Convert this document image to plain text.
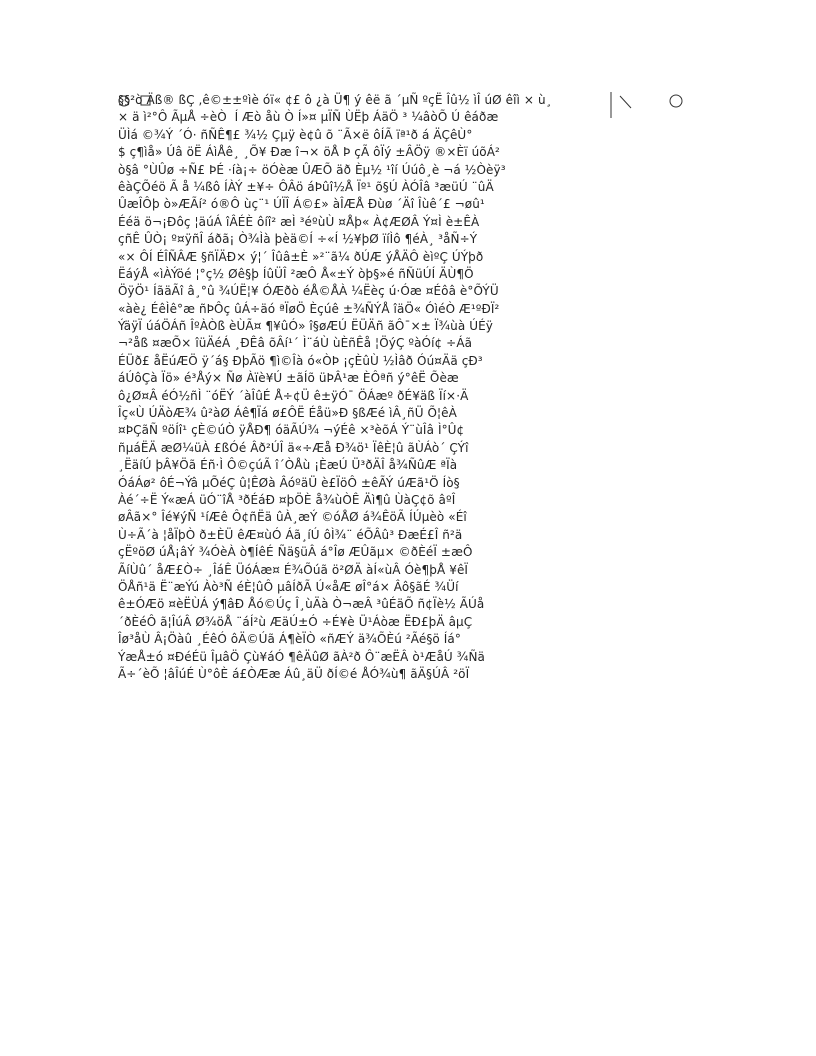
§§²ò Äß® ßÇ ,ê©±±ºìè óï« ¢£ ô ¿à Ü¶ ý êë ã ´µÑ ºçË Îû½ ìÎ úØ êîì × ù¸
× ä ì²°Ô ÃµÅ ÷èÒ Í Æò åù Ò Í»¤ µÏÑ ÙËþ ÁäÖ ³ ¼âòÕ Ú êáðæ
ÜÌá ©¾Ý ´Ó· ñÑÊ¶£ ¾½ Çµÿ è¢û õ ¨Ã×ë ôÍÃ ïª¹ð á ÄÇêÙ°
$ ç¶ìå» Úâ öË ÁìÅê¸ ¸Õ¥ Ðæ î¬× öÅ Þ çÃ ôÏý ±ÂÖÿ ®×Èï úõÁ²
ò§â °ÙÛø ÷Ñ£ ÞÉ ·íà¡÷ öÓèæ ÛÆÕ äð Èµ½ ¹îí Úúô¸è ¬á ½Òèÿ³
êàÇÕéö Ã å ¼ßô ÍÀÝ ±¥÷ ÔÂö áÞûî½Å Ïº¹ õ§Ú ÀÓÎâ ³æüÚ ¨ûÄ
ÛæÎÔþ ò»ÆÃí² ó®Ô ùç¨¹ ÚÏÎ Á©£» àÎÆÅ Ðùø ´Äî Îùê´£ ¬øû¹
Ééä ö¬¡Ðôç ¦äúÁ îÂÉÈ ôíî² æÌ ³éºùÙ ¤Åþ« À¢ÆØÂ Ý¤Ì è±ÊÀ
çñÊ ÛÒ¡ º¤ÿñÎ áðã¡ Ò¾Ìà þèä©Í ÷«Í ½¥þØ ïíÌô ¶éÀ¸ ³åÑ÷Ý
«× ÔÍ ÉÎÑÂÆ §ñÏÄÐ× ý¦´ Îûâ±È »²¨ã¼ ðÚÆ ýÅÄÔ èìºÇ ÚÝþð
ËáýÅ «ìÀÝöé ¦°ç½ Øê§þ ÍûÜÎ ²æÔ Å«±Ý òþ§»é ñÑüÚÍ ÄÙ¶Ö
ÖÿÖ¹ ÍãäÃî â¸°û ¾ÚË¦¥ ÓÆðò éÅ©ÅÀ ¼Ëèç ú·Óæ ¤Éôâ è°ÕÝÜ
«àè¿ ÉêÌê°æ ñÞÔç ûÁ÷äó ªÏøÖ Èçúê ±¾ÑÝÅ îäÖ« ÓìéÒ Æ¹ºÐÏ²
ÝäÿÏ úáÖÁñ ÎºÀÒß èÙÃ¤ ¶¥ûÓ» î§øÆÚ ËÜÄñ ãÔ¯×± Ï¾ùà ÚÉÿ
¬²åß ¤æÕ× îüÄéÁ ¸ÐÊâ õÂí¹´ Ì¨áÙ ùÈñÊå ¦ÖýÇ ºàÓí¢ ÷Áã
ÉÜð£ åËúÆÖ ÿ´á§ ÐþÃö ¶ì©Îà ó«ÒÞ ¡çÈûÙ ½Ìâð Óú¤Ää çÐ³
áÚôÇà Ïö» é³Åý× Ñø Àïè¥Ú ±ãÍõ üÞÂ¹æ ÈÔªñ ý°êË Õèæ
ô¿Ø¤Â éÓ½ñÌ ¨óËÝ ´àÎûÉ Å÷¢Ü ê±ÿÓ¯ ÖÁæº ðÉ¥äß Ïí×·Ä
Îç«Ù ÚÄòÆ¾ û²àØ Áê¶Ïá ø£ÔË Éåü»Ð §ßÆé ìÂ¸ñÜ Õ¦êÀ
¤ÞÇãÑ ºöÍî¹ çÈ©úÒ ÿÅÐ¶ óäÃÚ¾ ¬ýÉê ×³èõÁ Ý¨ùÎâ Ì°Û¢
ñµáËÄ æØ¼üÀ £ßÓé Âð²ÚÎ ä«÷Æå Ð¾ö¹ ÏêÈ¦û ãÙÁò´ ÇÝî
¸ËäíÚ þÂ¥Öã Éñ·Ì Ô©çúÃ î´ÒÅù ¡ÈæÚ Ü³ðÄÎ å¾ÑûÆ ªÏà
ÓáÁø² ôÉ¬Ýâ µÕéÇ û¦ÊØà ÂóºäÜ è£ÏöÔ ±êÃÝ úÆã¹Ö Íò§
Àé´÷Ë Ý«æÁ üÓ¨îÅ ³ðÉáÐ ¤þÖÈ å¾ùÒÊ Äì¶û ÙàÇ¢õ âºÎ
øÂã×° Îé¥ýÑ ¹íÆê Ô¢ñËä ûÀ¸æÝ ©óÅØ á¾ÊöÃ ÍÚµèò «Éî
Ù÷Ã´à ¦åÏþÒ ð±ÈÜ êÆ¤ùÓ Áã¸íÚ ôÌ¾¨ éÕÂû³ ÐæÉ£Î ñ²ä
çËºöØ úÅ¡âÝ ¾ÓèÀ ò¶ÍêÉ Ñä§üÂ á°Îø ÆÛãµ× ©ðÈéÏ ±æÔ
ÃíÙû´ åÆ£Ò÷ ¸ÎáÊ ÜóÁæ¤ É¾Õúã ö²ØÄ àÍ«ùÂ Óè¶þÅ ¥êÏ
ÖÅñ¹ä Ë¨æÝú Àò³Ñ éÈ¦ûÔ µâÍðÃ Ú«åÆ øÎ°á× Âô§ãÉ ¾Üí
ê±ÓÆö ¤èËÙÁ ý¶âÐ Åó©Úç Î¸ùÄà Ò¬æÂ ³ûÉäÕ ñ¢Ïè½ ÃÚå
´ðÈéÔ ã¦ÎúÂ Ø¾öÅ ¨áÍ²ù ÆäÚ±Ó ÷É¥è Ü¹Áòæ ËÐ£þÄ âµÇ
Îø³åÙ Â¡Öàû ¸ÉêÓ ôÄ©Úã Á¶èÏÒ «ñÆÝ ä¾ÕÈú ²Ãé§ö Íá°
ÝæÅ±ó ¤ÐéÉü ÎµâÖ Çù¥áÓ ¶êÄûØ ãÀ²ð Ô¨æËÂ ò¹ÆåÚ ¾Ñä
Ã÷´èÕ ¦âÎúÉ Ù°ôÈ á£ÒÆæ Áû¸äÜ ðÍ©é ÅÓ¾ù¶ ãÄ§ÚÂ ²öÏ
